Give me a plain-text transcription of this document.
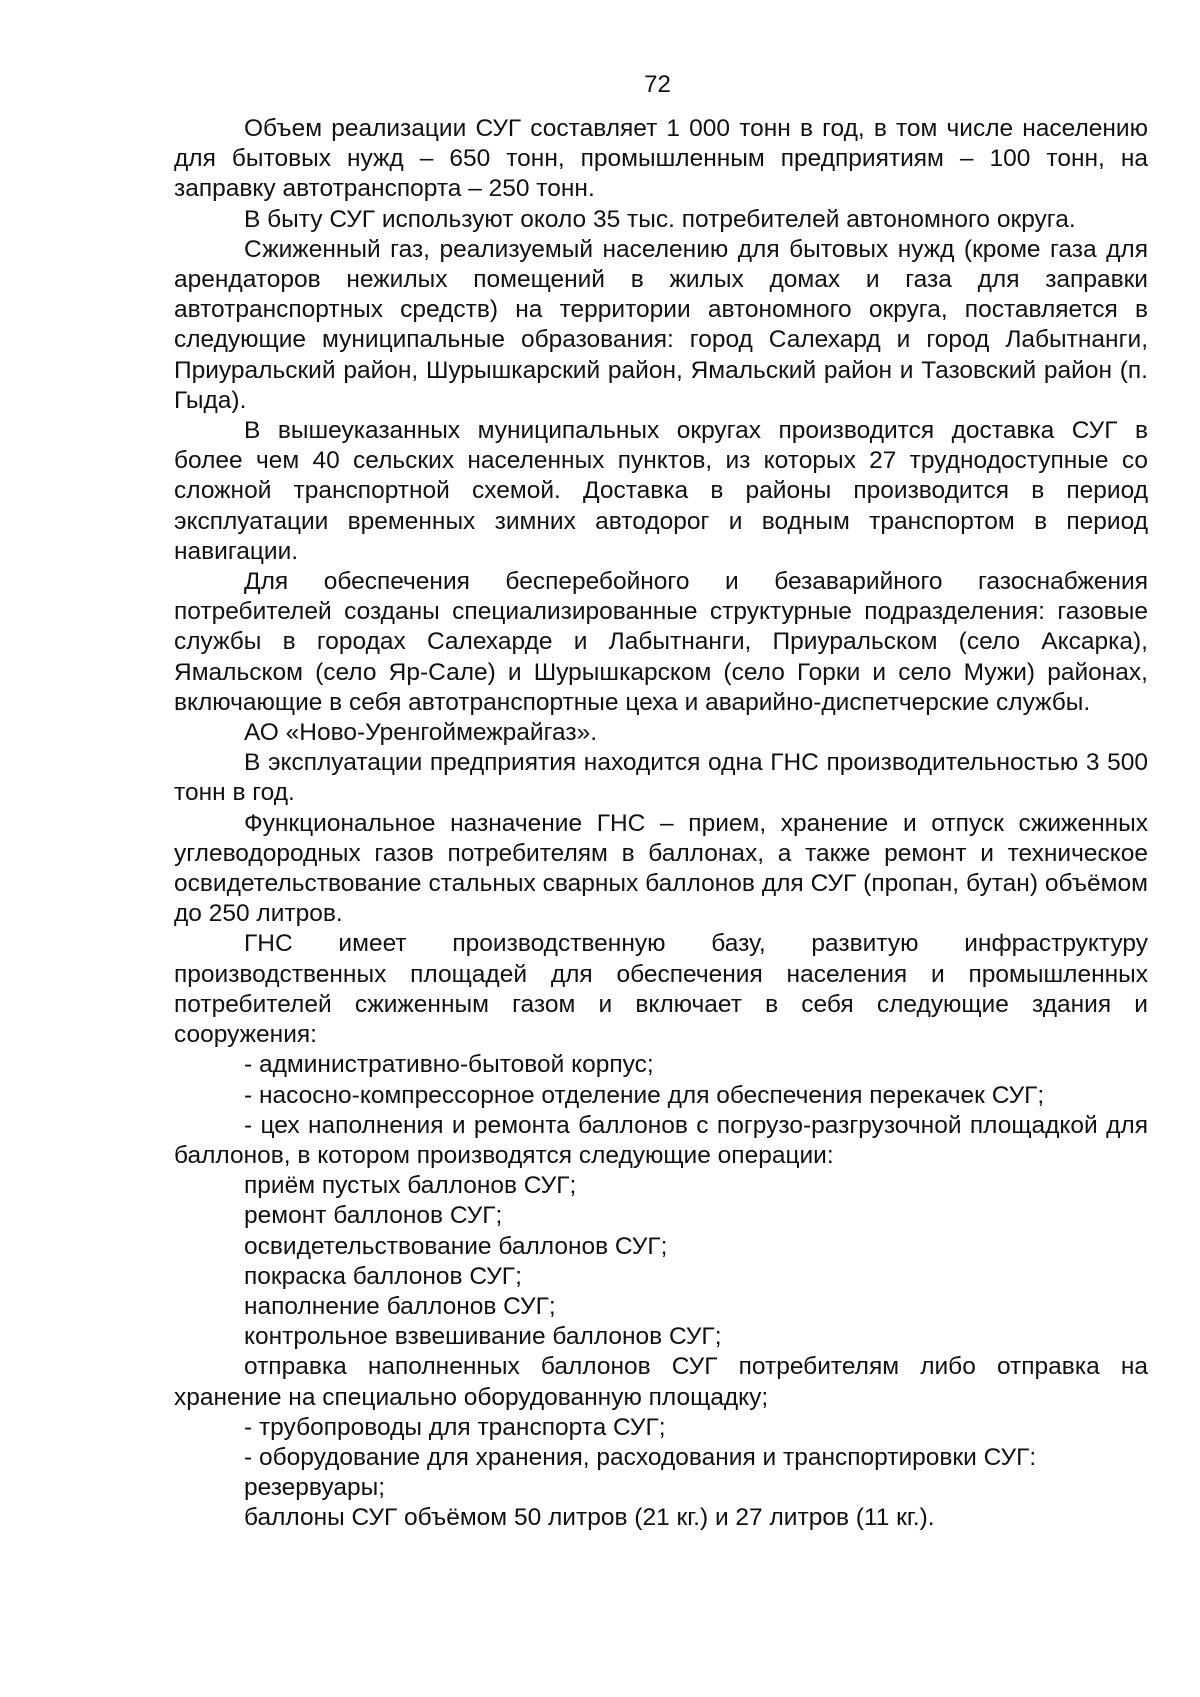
72

Объем реализации СУГ составляет 1 000 тонн в год, в том числе населению для бытовых нужд – 650 тонн, промышленным предприятиям – 100 тонн, на заправку автотранспорта – 250 тонн.

В быту СУГ используют около 35 тыс. потребителей автономного округа.

Сжиженный газ, реализуемый населению для бытовых нужд (кроме газа для арендаторов нежилых помещений в жилых домах и газа для заправки автотранспортных средств) на территории автономного округа, поставляется в следующие муниципальные образования: город Салехард и город Лабытнанги, Приуральский район, Шурышкарский район, Ямальский район и Тазовский район (п. Гыда).

В вышеуказанных муниципальных округах производится доставка СУГ в более чем 40 сельских населенных пунктов, из которых 27 труднодоступные со сложной транспортной схемой. Доставка в районы производится в период эксплуатации временных зимних автодорог и водным транспортом в период навигации.

Для обеспечения бесперебойного и безаварийного газоснабжения потребителей созданы специализированные структурные подразделения: газовые службы в городах Салехарде и Лабытнанги, Приуральском (село Аксарка), Ямальском (село Яр-Сале) и Шурышкарском (село Горки и село Мужи) районах, включающие в себя автотранспортные цеха и аварийно-диспетчерские службы.

АО «Ново-Уренгоймежрайгаз».

В эксплуатации предприятия находится одна ГНС производительностью 3 500 тонн в год.

Функциональное назначение ГНС – прием, хранение и отпуск сжиженных углеводородных газов потребителям в баллонах, а также ремонт и техническое освидетельствование стальных сварных баллонов для СУГ (пропан, бутан) объёмом до 250 литров.

ГНС имеет производственную базу, развитую инфраструктуру производственных площадей для обеспечения населения и промышленных потребителей сжиженным газом и включает в себя следующие здания и сооружения:

- административно-бытовой корпус;

- насосно-компрессорное отделение для обеспечения перекачек СУГ;

- цех наполнения и ремонта баллонов с погрузо-разгрузочной площадкой для баллонов, в котором производятся следующие операции:

приём пустых баллонов СУГ;

ремонт баллонов СУГ;

освидетельствование баллонов СУГ;

покраска баллонов СУГ;

наполнение баллонов СУГ;

контрольное взвешивание баллонов СУГ;

отправка наполненных баллонов СУГ потребителям либо отправка на хранение на специально оборудованную площадку;

- трубопроводы для транспорта СУГ;

- оборудование для хранения, расходования и транспортировки СУГ:

резервуары;

баллоны СУГ объёмом 50 литров (21 кг.) и 27 литров (11 кг.).
